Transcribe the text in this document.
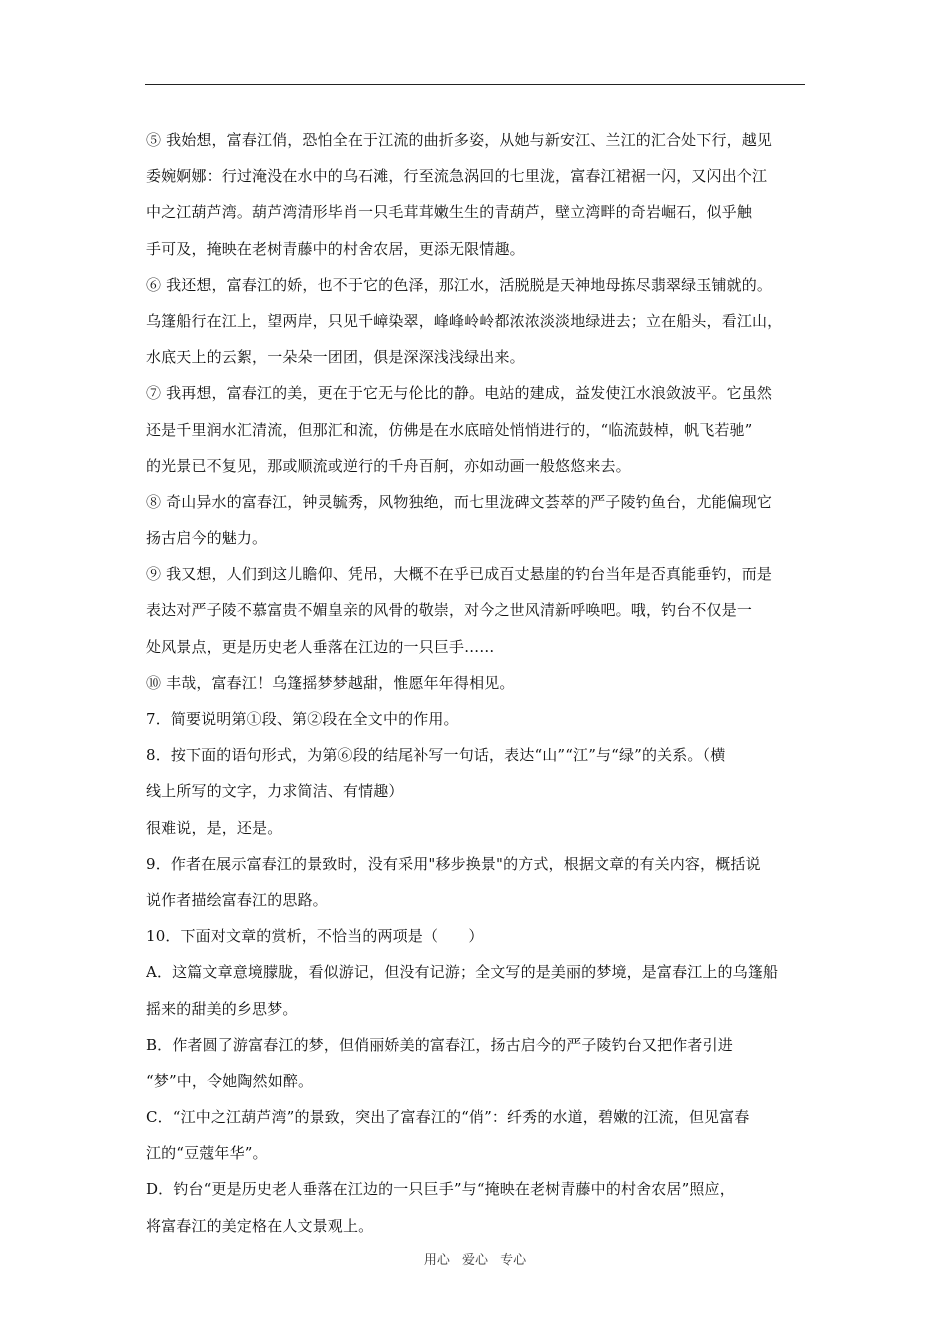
⑤ 我始想，富春江俏，恐怕全在于江流的曲折多姿，从她与新安江、兰江的汇合处下行，越见
委婉婀娜：行过淹没在水中的乌石滩，行至流急涡回的七里泷，富春江裙裾一闪，又闪出个江
中之江葫芦湾。葫芦湾清形毕肖一只毛茸茸嫩生生的青葫芦，壁立湾畔的奇岩崛石，似乎触
手可及，掩映在老树青藤中的村舍农居，更添无限情趣。
⑥ 我还想，富春江的娇，也不于它的色泽，那江水，活脱脱是天神地母拣尽翡翠绿玉铺就的。
乌篷船行在江上，望两岸，只见千嶂染翠，峰峰岭岭都浓浓淡淡地绿进去；立在船头，看江山，
水底天上的云絮，一朵朵一团团，俱是深深浅浅绿出来。
⑦ 我再想，富春江的美，更在于它无与伦比的静。电站的建成，益发使江水浪敛波平。它虽然
还是千里润水汇清流，但那汇和流，仿佛是在水底暗处悄悄进行的，“临流鼓棹，帆飞若驰”
的光景已不复见，那或顺流或逆行的千舟百舸，亦如动画一般悠悠来去。
⑧ 奇山异水的富春江，钟灵毓秀，风物独绝，而七里泷碑文荟萃的严子陵钓鱼台，尤能偏现它
扬古启今的魅力。
⑨ 我又想，人们到这儿瞻仰、凭吊，大概不在乎已成百丈悬崖的钓台当年是否真能垂钓，而是
表达对严子陵不慕富贵不媚皇亲的风骨的敬崇，对今之世风清新呼唤吧。哦，钓台不仅是一
处风景点，更是历史老人垂落在江边的一只巨手……
⑩ 丰哉，富春江！乌篷摇梦梦越甜，惟愿年年得相见。
7．简要说明第①段、第②段在全文中的作用。
8．按下面的语句形式，为第⑥段的结尾补写一句话，表达“山”“江”与“绿”的关系。（横
线上所写的文字，力求简洁、有情趣）
很难说，是，还是。
9．作者在展示富春江的景致时，没有采用"移步换景"的方式，根据文章的有关内容，概括说
说作者描绘富春江的思路。
10．下面对文章的赏析，不恰当的两项是（　　）
A．这篇文章意境朦胧，看似游记，但没有记游；全文写的是美丽的梦境，是富春江上的乌篷船
摇来的甜美的乡思梦。
B．作者圆了游富春江的梦，但俏丽娇美的富春江，扬古启今的严子陵钓台又把作者引进
“梦”中，令她陶然如醉。
C．“江中之江葫芦湾”的景致，突出了富春江的“俏”：纤秀的水道，碧嫩的江流，但见富春
江的“豆蔻年华”。
D．钓台“更是历史老人垂落在江边的一只巨手”与“掩映在老树青藤中的村舍农居”照应，
将富春江的美定格在人文景观上。
用心 爱心 专心
